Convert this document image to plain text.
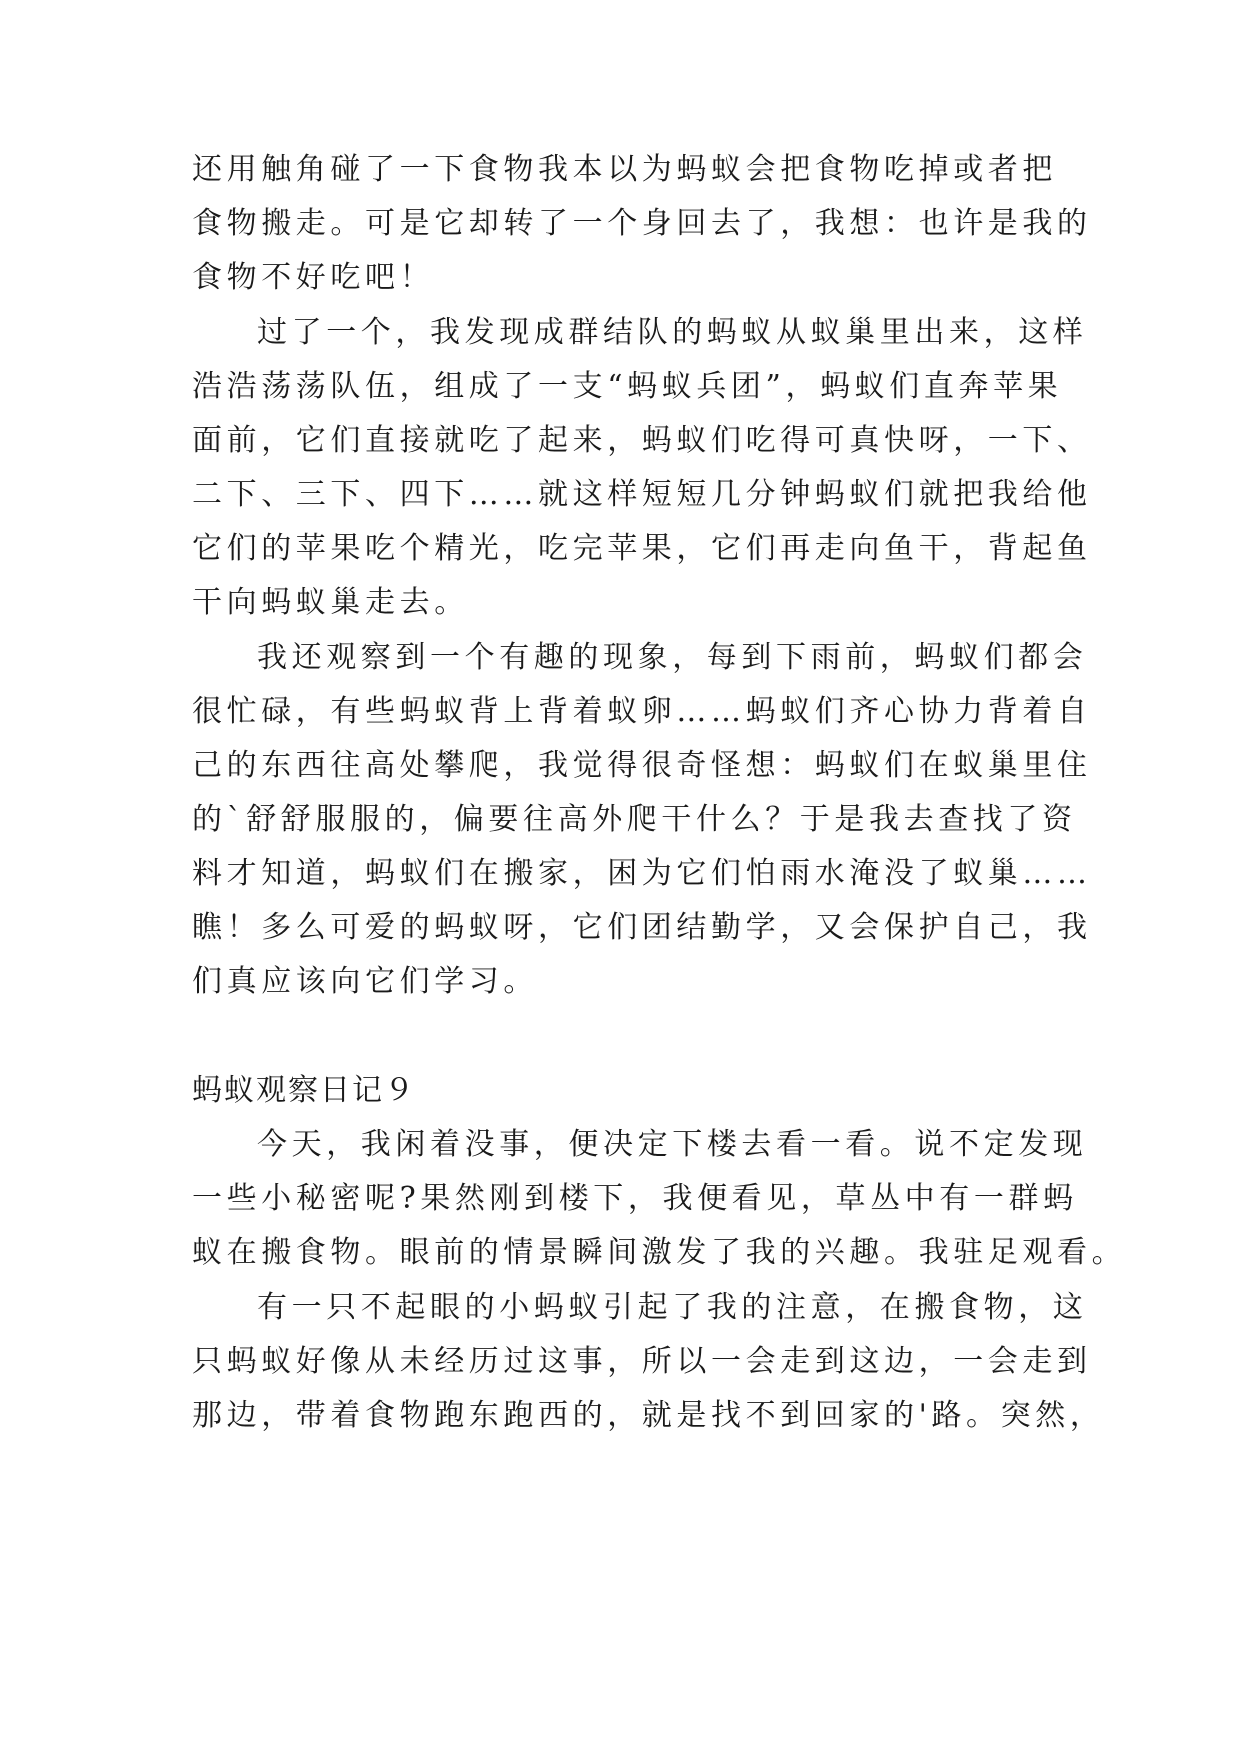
还用触角碰了一下食物我本以为蚂蚁会把食物吃掉或者把
食物搬走。可是它却转了一个身回去了，我想：也许是我的
食物不好吃吧！
过了一个，我发现成群结队的蚂蚁从蚁巢里出来，这样
浩浩荡荡队伍，组成了一支“蚂蚁兵团”，蚂蚁们直奔苹果
面前，它们直接就吃了起来，蚂蚁们吃得可真快呀，一下、
二下、三下、四下……就这样短短几分钟蚂蚁们就把我给他
它们的苹果吃个精光，吃完苹果，它们再走向鱼干，背起鱼
干向蚂蚁巢走去。
我还观察到一个有趣的现象，每到下雨前，蚂蚁们都会
很忙碌，有些蚂蚁背上背着蚁卵……蚂蚁们齐心协力背着自
己的东西往高处攀爬，我觉得很奇怪想：蚂蚁们在蚁巢里住
的`舒舒服服的，偏要往高外爬干什么？于是我去查找了资
料才知道，蚂蚁们在搬家，困为它们怕雨水淹没了蚁巢……
瞧！多么可爱的蚂蚁呀，它们团结勤学，又会保护自己，我
们真应该向它们学习。
蚂蚁观察日记９
今天，我闲着没事，便决定下楼去看一看。说不定发现
一些小秘密呢?果然刚到楼下，我便看见，草丛中有一群蚂
蚁在搬食物。眼前的情景瞬间激发了我的兴趣。我驻足观看。
有一只不起眼的小蚂蚁引起了我的注意，在搬食物，这
只蚂蚁好像从未经历过这事，所以一会走到这边，一会走到
那边，带着食物跑东跑西的，就是找不到回家的'路。突然，
